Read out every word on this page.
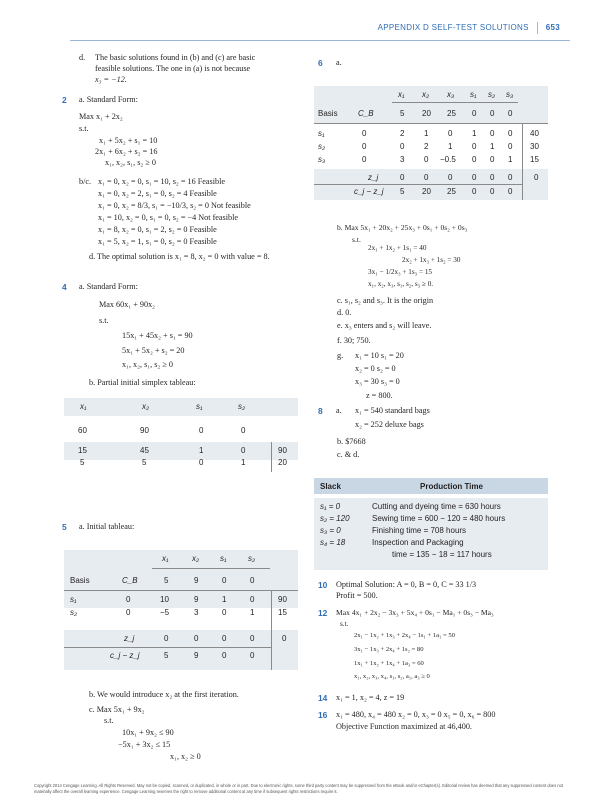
APPENDIX D SELF-TEST SOLUTIONS 653
d. The basic solutions found in (b) and (c) are basic
feasible solutions. The one in (a) is not because
x₃ = −12.
2 a. Standard Form:
Max x₁ + 2x₂
s.t.
x₁ + 5x₂ + s₁ = 10
2x₁ + 6x₂ + s₂ = 16
x₁, x₂, s₁, s₂ ≥ 0
b/c. x₁ = 0, x₂ = 0, s₁ = 10, s₂ = 16 Feasible
x₁ = 0, x₂ = 2, s₁ = 0, s₂ = 4 Feasible
x₁ = 0, x₂ = 8/3, s₁ = −10/3, s₂ = 0 Not feasible
x₁ = 10, x₂ = 0, s₁ = 0, s₂ = −4 Not feasible
x₁ = 8, x₂ = 0, s₁ = 2, s₂ = 0 Feasible
x₁ = 5, x₂ = 1, s₁ = 0, s₂ = 0 Feasible
d. The optimal solution is x₁ = 8, x₂ = 0 with value = 8.
4 a. Standard Form:
Max 60x₁ + 90x₂
s.t.
15x₁ + 45x₂ + s₁ = 90
5x₁ + 5x₂ + s₂ = 20
x₁, x₂, s₁, s₂ ≥ 0
b. Partial initial simplex tableau:
x₁	x₂	s₁	s₂
60	90	0	0
15	45	1	0	90
5	5	0	1	20
5 a. Initial tableau:
x₁	x₂	s₁	s₂
Basis	C_B	5	9	0	0
s₁	0	10	9	1	0	90
s₂	0	−5	3	0	1	15
z_j	0	0	0	0	0
c_j − z_j	5	9	0	0
b. We would introduce x₂ at the first iteration.
c. Max 5x₁ + 9x₂
s.t.
10x₁ + 9x₂ ≤ 90
−5x₁ + 3x₂ ≤ 15
x₁, x₂ ≥ 0
6 a.
x₁ x₂ x₃ s₁ s₂ s₃
Basis	C_B	5 20 25 0 0 0
s₁	0	2 1 0 1 0 0 40
s₂	0	0 2 1 0 1 0 30
s₃	0	3 0 −0.5 0 0 1 15
z_j	0 0 0 0 0 0	0
c_j − z_j 5 20 25 0 0 0
b. Max 5x₁ + 20x₂ + 25x₃ + 0s₁ + 0s₂ + 0s₃
s.t.
2x₁ + 1x₂ + 1s₁ = 40
2x₂ + 1x₃ + 1s₂ = 30
3x₁ − 1/2x₃ + 1s₃ = 15
x₁, x₂, x₃, s₁, s₂, s₃ ≥ 0.
c. s₁, s₂ and s₃. It is the origin
d. 0.
e. x₃ enters and s₂ will leave.
f. 30; 750.
g. x₁ = 10 s₁ = 20
x₂ = 0 s₂ = 0
x₃ = 30 s₃ = 0
z = 800.
8 a. x₁ = 540 standard bags
x₂ = 252 deluxe bags
b. $7668
c. & d.
Slack	Production Time
s₁ = 0	Cutting and dyeing time = 630 hours
s₂ = 120	Sewing time = 600 − 120 = 480 hours
s₃ = 0	Finishing time = 708 hours
s₄ = 18	Inspection and Packaging
time = 135 − 18 = 117 hours
10 Optimal Solution: A = 0, B = 0, C = 33 1/3
Profit = 500.
12 Max 4x₁ + 2x₂ − 3x₃ + 5x₄ + 0s₁ − Ma₁ + 0s₃ − Ma₃
s.t.
2x₁ − 1x₂ + 1x₃ + 2x₄ − 1s₁ + 1a₁ = 50
3x₁ − 1x₃ + 2x₄ + 1s₂ = 80
1x₁ + 1x₂ + 1x₄ + 1a₃ = 60
x₁, x₂, x₃, x₄, s₁, s₂, a₁, a₃ ≥ 0
14 x₁ = 1, x₂ = 4, z = 19
16 x₁ = 480, x₄ = 480 x₂ = 0, x₃ = 0 x₅ = 0, x₆ = 800
Objective Function maximized at 46,400.
Copyright 2014 Cengage Learning. All Rights Reserved. May not be copied, scanned, or duplicated, in whole or in part. Due to electronic rights, some third party content may be suppressed from the eBook and/or eChapter(s). Editorial review has deemed that any suppressed content does not materially affect the overall learning experience. Cengage Learning reserves the right to remove additional content at any time if subsequent rights restrictions require it.
